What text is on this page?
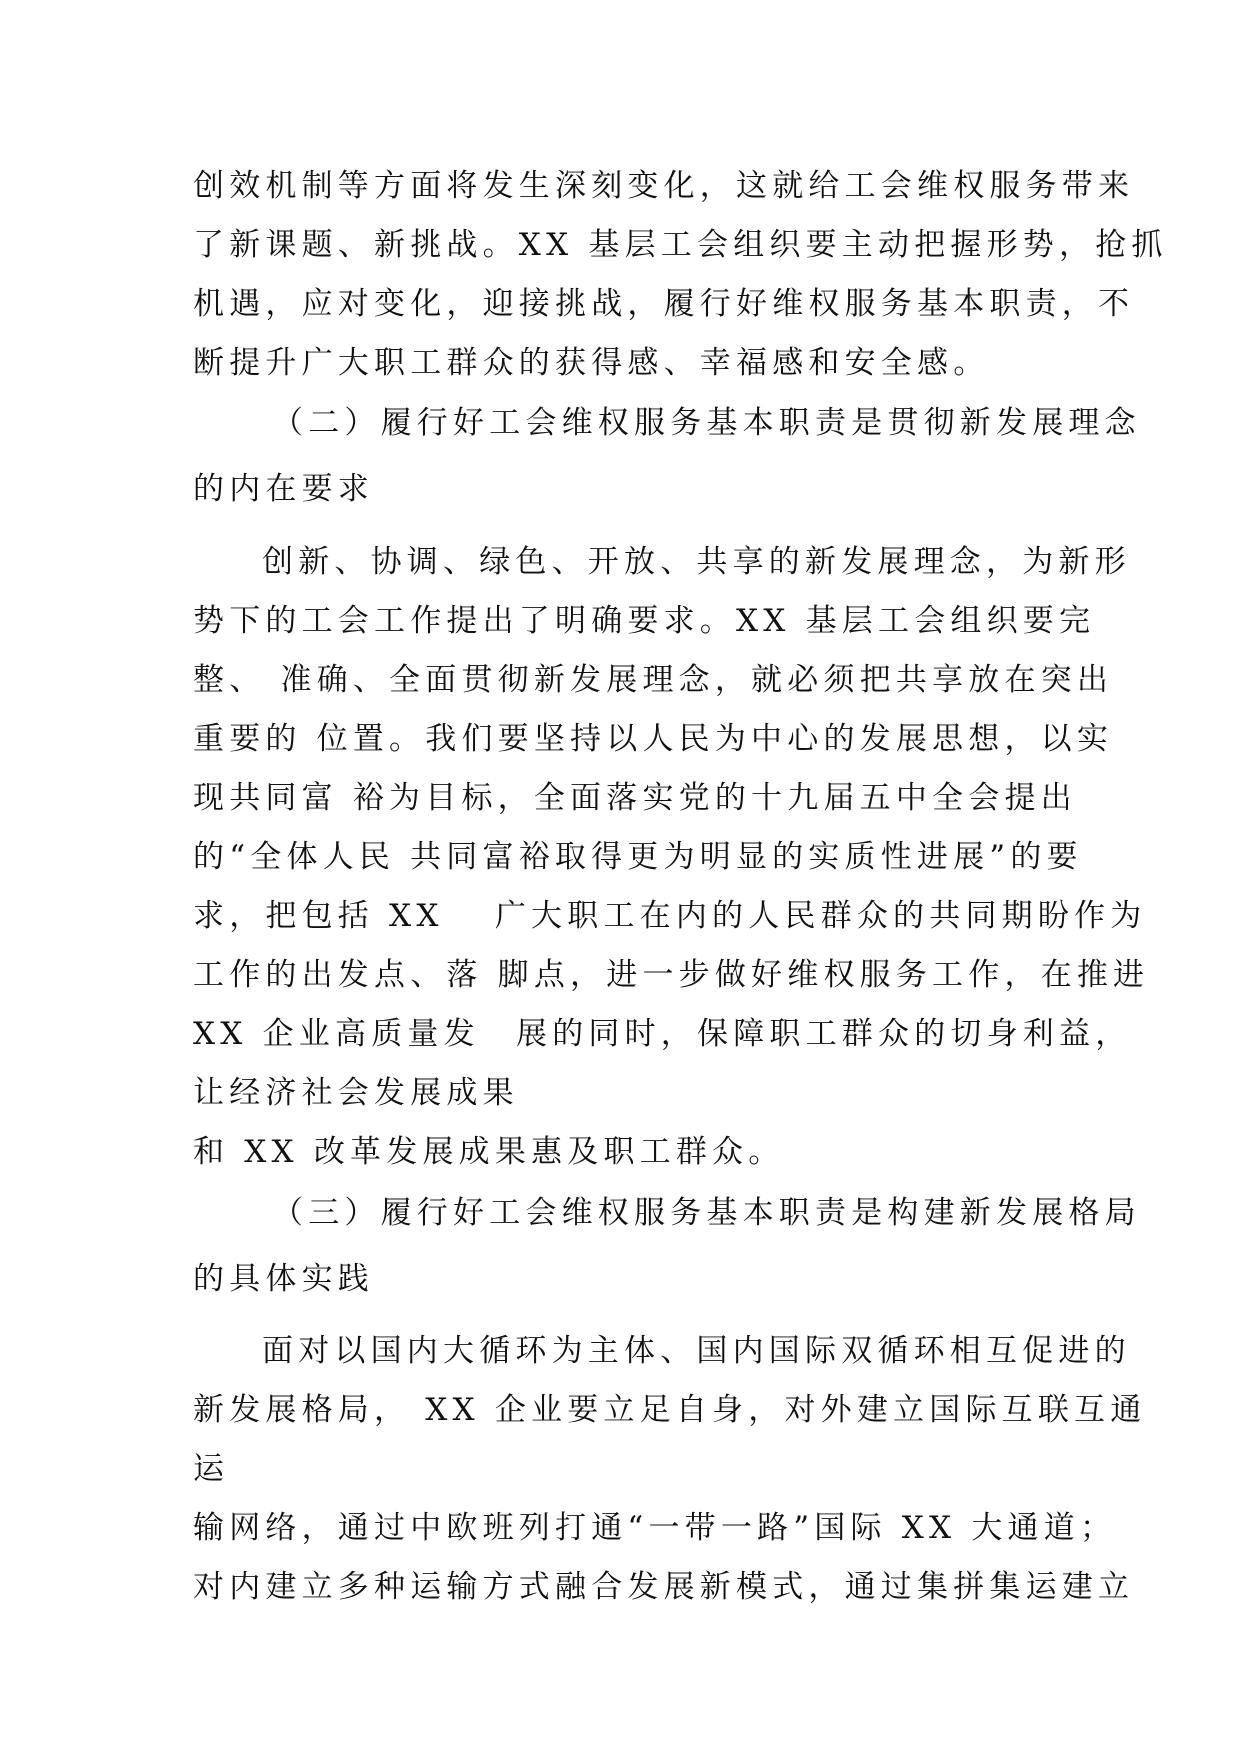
创效机制等方面将发生深刻变化，这就给工会维权服务带来
了新课题、新挑战。XX 基层工会组织要主动把握形势，抢抓
机遇，应对变化，迎接挑战，履行好维权服务基本职责，不
断提升广大职工群众的获得感、幸福感和安全感。
（二）履行好工会维权服务基本职责是贯彻新发展理念
的内在要求
创新、协调、绿色、开放、共享的新发展理念，为新形
势下的工会工作提出了明确要求。XX 基层工会组织要完
整、 准确、全面贯彻新发展理念，就必须把共享放在突出
重要的 位置。我们要坚持以人民为中心的发展思想，以实
现共同富 裕为目标，全面落实党的十九届五中全会提出
的“全体人民 共同富裕取得更为明显的实质性进展”的要
求，把包括 XX　 广大职工在内的人民群众的共同期盼作为
工作的出发点、落 脚点，进一步做好维权服务工作，在推进
XX 企业高质量发　展的同时，保障职工群众的切身利益，
让经济社会发展成果
和 XX 改革发展成果惠及职工群众。
（三）履行好工会维权服务基本职责是构建新发展格局
的具体实践
面对以国内大循环为主体、国内国际双循环相互促进的
新发展格局， XX 企业要立足自身，对外建立国际互联互通
运
输网络，通过中欧班列打通“一带一路”国际 XX 大通道；
对内建立多种运输方式融合发展新模式，通过集拼集运建立
